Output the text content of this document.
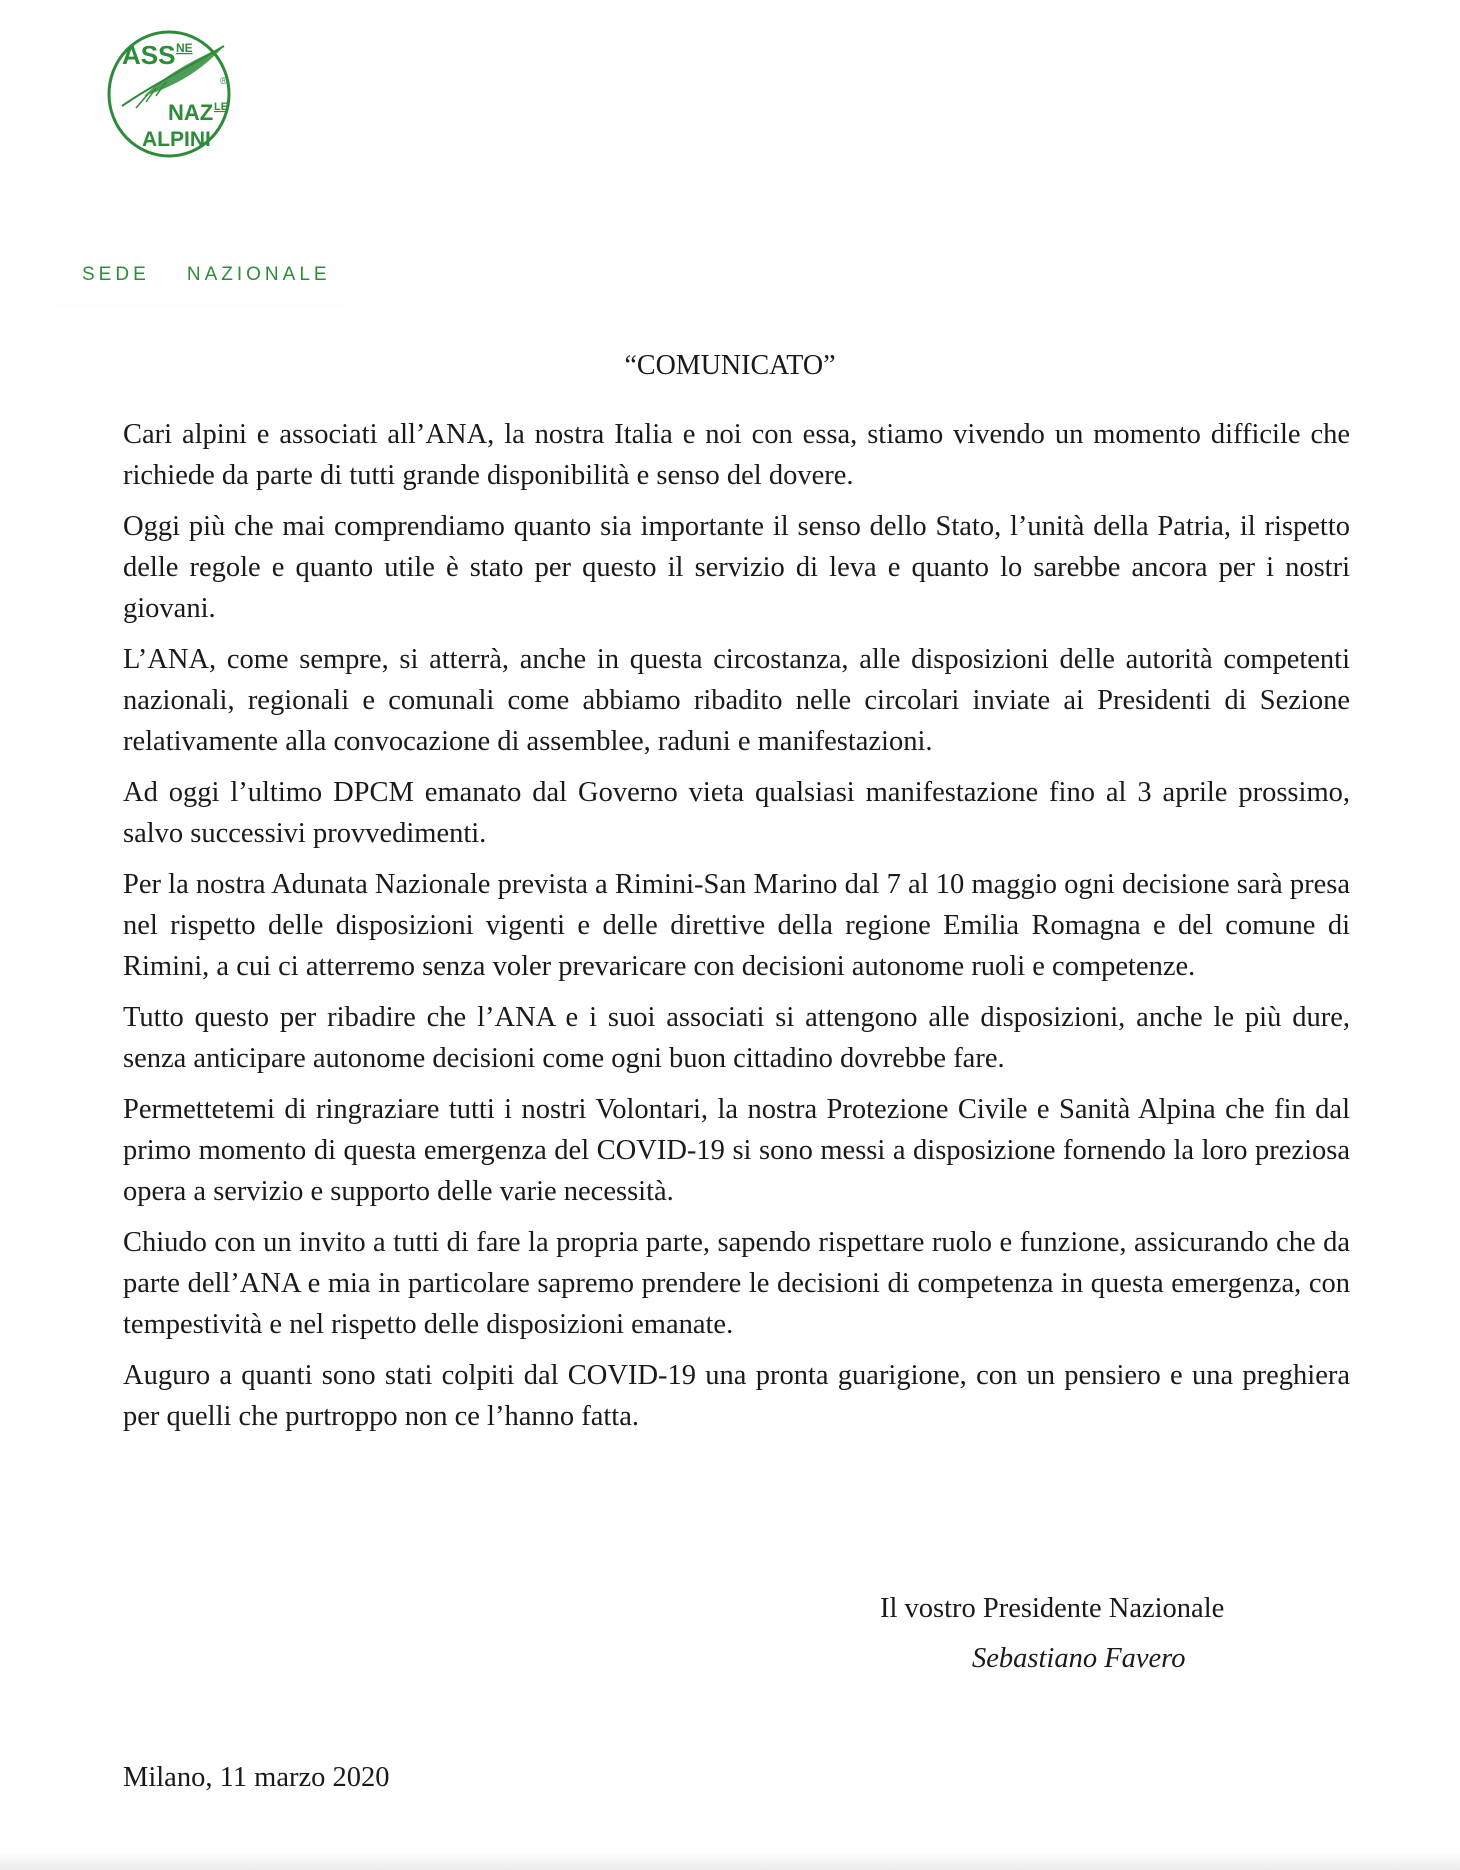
ASS NE
NAZ LE
ALPINI
®
SEDE NAZIONALE
“COMUNICATO”

Cari alpini e associati all’ANA, la nostra Italia e noi con essa, stiamo vivendo un momento difficile che richiede da parte di tutti grande disponibilità e senso del dovere.

Oggi più che mai comprendiamo quanto sia importante il senso dello Stato, l’unità della Patria, il rispetto delle regole e quanto utile è stato per questo il servizio di leva e quanto lo sarebbe ancora per i nostri giovani.

L’ANA, come sempre, si atterrà, anche in questa circostanza, alle disposizioni delle autorità competenti nazionali, regionali e comunali come abbiamo ribadito nelle circolari inviate ai Presidenti di Sezione relativamente alla convocazione di assemblee, raduni e manifestazioni.

Ad oggi l’ultimo DPCM emanato dal Governo vieta qualsiasi manifestazione fino al 3 aprile prossimo, salvo successivi provvedimenti.

Per la nostra Adunata Nazionale prevista a Rimini-San Marino dal 7 al 10 maggio ogni decisione sarà presa nel rispetto delle disposizioni vigenti e delle direttive della regione Emilia Romagna e del comune di Rimini, a cui ci atterremo senza voler prevaricare con decisioni autonome ruoli e competenze.

Tutto questo per ribadire che l’ANA e i suoi associati si attengono alle disposizioni, anche le più dure, senza anticipare autonome decisioni come ogni buon cittadino dovrebbe fare.

Permettetemi di ringraziare tutti i nostri Volontari, la nostra Protezione Civile e Sanità Alpina che fin dal primo momento di questa emergenza del COVID-19 si sono messi a disposizione fornendo la loro preziosa opera a servizio e supporto delle varie necessità.

Chiudo con un invito a tutti di fare la propria parte, sapendo rispettare ruolo e funzione, assicurando che da parte dell’ANA e mia in particolare sapremo prendere le decisioni di competenza in questa emergenza, con tempestività e nel rispetto delle disposizioni emanate.

Auguro a quanti sono stati colpiti dal COVID-19 una pronta guarigione, con un pensiero e una preghiera per quelli che purtroppo non ce l’hanno fatta.

Il vostro Presidente Nazionale
Sebastiano Favero
Milano, 11 marzo 2020
